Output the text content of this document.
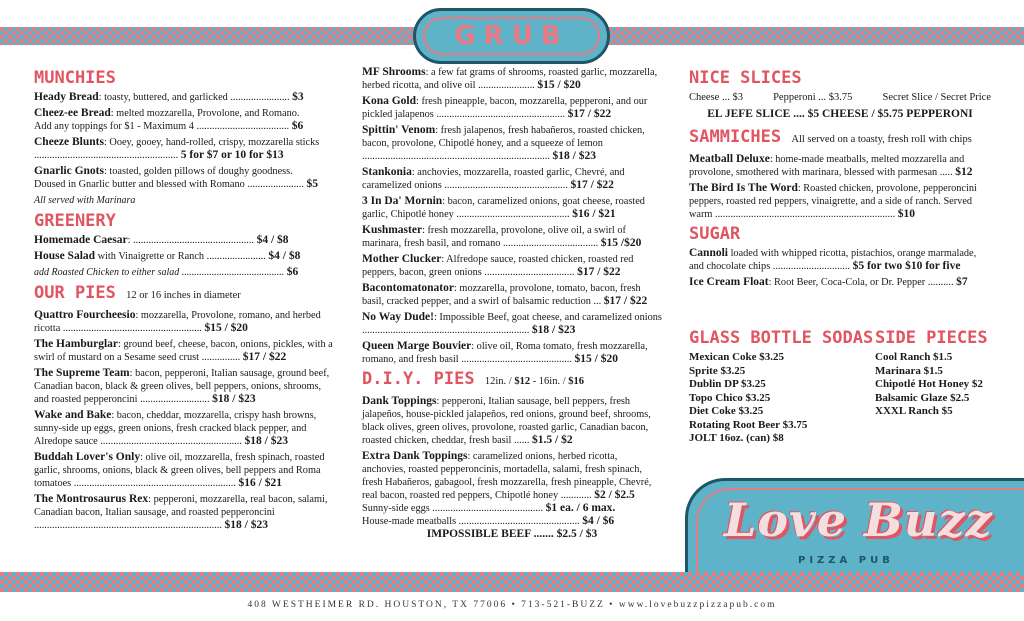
GRUB
MUNCHIES
Heady Bread: toasty, buttered, and garlicked ....................... $3
Cheez-ee Bread: melted mozzarella, Provolone, and Romano.
Add any toppings for $1 - Maximum 4 .................................... $6
Cheeze Blunts: Ooey, gooey, hand-rolled, crispy, mozzarella sticks
........................................................ 5 for $7 or 10 for $13
Gnarlic Gnots: toasted, golden pillows of doughy goodness.
Doused in Gnarlic butter and blessed with Romano ...................... $5
All served with Marinara
GREENERY
Homemade Caesar: ............................................... $4 / $8
House Salad with Vinaigrette or Ranch ....................... $4 / $8
add Roasted Chicken to either salad ......................................... $6
OUR PIES 12 or 16 inches in diameter
Quattro Fourcheesio: mozzarella, Provolone, romano, and herbed ricotta ...................................................... $15 / $20
The Hamburglar: ground beef, cheese, bacon, onions, pickles, with a swirl of mustard on a Sesame seed crust ............... $17 / $22
The Supreme Team: bacon, pepperoni, Italian sausage, ground beef, Canadian bacon, black & green olives, bell peppers, onions, shrooms, and roasted pepperoncini ........................... $18 / $23
Wake and Bake: bacon, cheddar, mozzarella, crispy hash browns, sunny-side up eggs, green onions, fresh cracked black pepper, and Alredope sauce ....................................................... $18 / $23
Buddah Lover's Only: olive oil, mozzarella, fresh spinach, roasted garlic, shrooms, onions, black & green olives, bell peppers and Roma tomatoes ............................................................... $16 / $21
The Montrosaurus Rex: pepperoni, mozzarella, real bacon, salami, Canadian bacon, Italian sausage, and roasted pepperoncini ......................................................................... $18 / $23
MF Shrooms: a few fat grams of shrooms, roasted garlic, mozzarella, herbed ricotta, and olive oil ...................... $15 / $20
Kona Gold: fresh pineapple, bacon, mozzarella, pepperoni, and our pickled jalapenos .................................................. $17 / $22
Spittin' Venom: fresh jalapenos, fresh habañeros, roasted chicken, bacon, provolone, Chipotlé honey, and a squeeze of lemon ......................................................................... $18 / $23
Stankonia: anchovies, mozzarella, roasted garlic, Chevré, and caramelized onions ................................................ $17 / $22
3 In Da' Mornin: bacon, caramelized onions, goat cheese, roasted garlic, Chipotlé honey ............................................ $16 / $21
Kushmaster: fresh mozzarella, provolone, olive oil, a swirl of marinara, fresh basil, and romano ..................................... $15 /$20
Mother Clucker: Alfredope sauce, roasted chicken, roasted red peppers, bacon, green onions ................................... $17 / $22
Bacontomatonator: mozzarella, provolone, tomato, bacon, fresh basil, cracked pepper, and a swirl of balsamic reduction ... $17 / $22
No Way Dude!: Impossible Beef, goat cheese, and caramelized onions ................................................................. $18 / $23
Queen Marge Bouvier: olive oil, Roma tomato, fresh mozzarella, romano, and fresh basil ........................................... $15 / $20
D.I.Y. PIES 12in. / $12 - 16in. / $16
Dank Toppings: pepperoni, Italian sausage, bell peppers, fresh jalapeños, house-pickled jalapeños, red onions, ground beef, shrooms, black olives, green olives, provolone, roasted garlic, Canadian bacon, roasted chicken, cheddar, fresh basil ...... $1.5 / $2
Extra Dank Toppings: caramelized onions, herbed ricotta, anchovies, roasted pepperoncinis, mortadella, salami, fresh spinach, fresh Habañeros, gabagool, fresh mozzarella, fresh pineapple, Chevré, real bacon, roasted red peppers, Chipotlé honey ............ $2 / $2.5
Sunny-side eggs ........................................... $1 ea. / 6 max.
House-made meatballs ............................................... $4 / $6
IMPOSSIBLE BEEF ....... $2.5 / $3
NICE SLICES
Cheese ... $3	Pepperoni ... $3.75	Secret Slice / Secret Price
EL JEFE SLICE .... $5 CHEESE / $5.75 PEPPERONI
SAMMICHES All served on a toasty, fresh roll with chips
Meatball Deluxe: home-made meatballs, melted mozzarella and provolone, smothered with marinara, blessed with parmesan ..... $12
The Bird Is The Word: Roasted chicken, provolone, pepperoncini peppers, roasted red peppers, vinaigrette, and a side of ranch. Served warm ...................................................................... $10
SUGAR
Cannoli loaded with whipped ricotta, pistachios, orange marmalade, and chocolate chips .............................. $5 for two $10 for five
Ice Cream Float: Root Beer, Coca-Cola, or Dr. Pepper .......... $7
GLASS BOTTLE SODAS
Mexican Coke $3.25
Sprite $3.25
Dublin DP $3.25
Topo Chico $3.25
Diet Coke $3.25
Rotating Root Beer $3.75
JOLT 16oz. (can) $8
SIDE PIECES
Cool Ranch $1.5
Marinara $1.5
Chipotlé Hot Honey $2
Balsamic Glaze $2.5
XXXL Ranch $5
Love Buzz
PIZZA PUB
408 WESTHEIMER RD. HOUSTON, TX 77006 • 713-521-BUZZ • www.lovebuzzpizzapub.com
